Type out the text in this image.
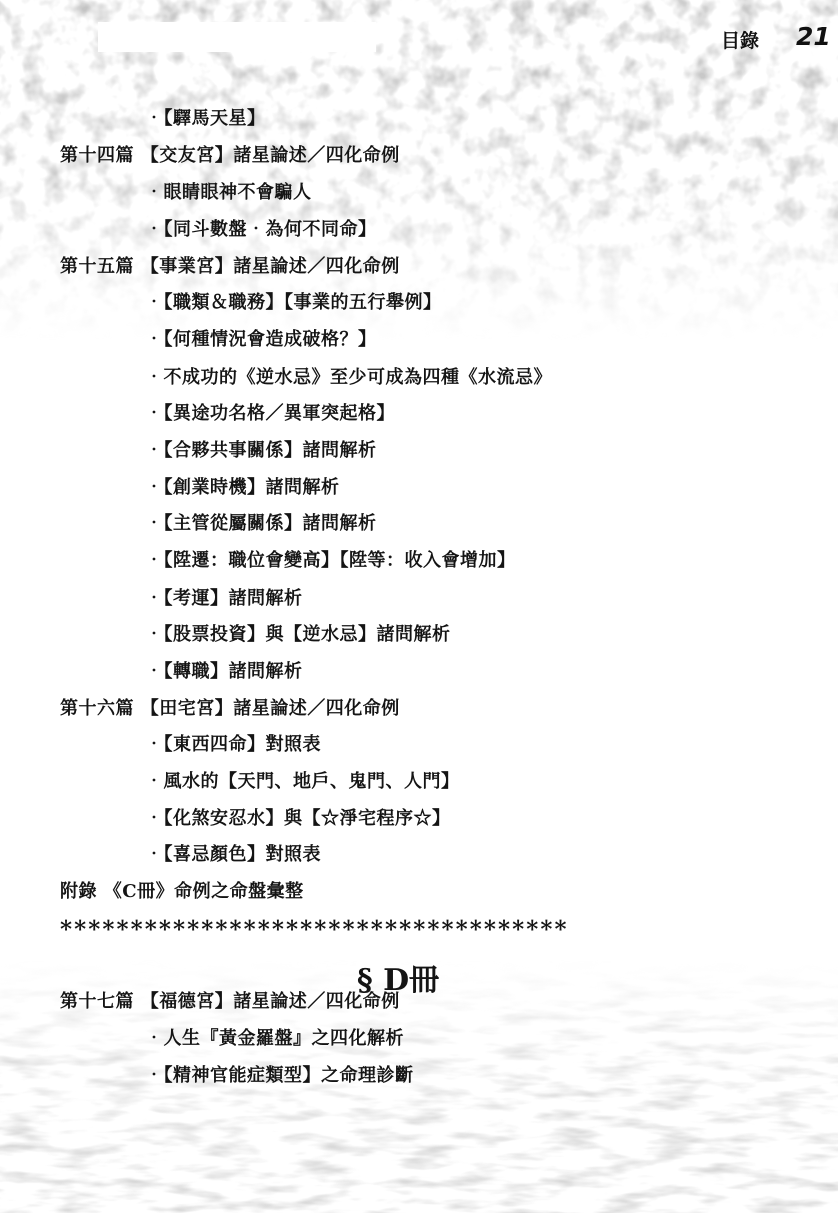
目錄 21
‧【驛馬天星】
第十四篇 【交友宮】諸星論述／四化命例
‧眼睛眼神不會騙人
‧【同斗數盤‧為何不同命】
第十五篇 【事業宮】諸星論述／四化命例
‧【職類＆職務】【事業的五行舉例】
‧【何種情況會造成破格？】
‧不成功的《逆水忌》至少可成為四種《水流忌》
‧【異途功名格／異軍突起格】
‧【合夥共事關係】諸問解析
‧【創業時機】諸問解析
‧【主管從屬關係】諸問解析
‧【陞遷：職位會變高】【陞等：收入會增加】
‧【考運】諸問解析
‧【股票投資】與【逆水忌】諸問解析
‧【轉職】諸問解析
第十六篇 【田宅宮】諸星論述／四化命例
‧【東西四命】對照表
‧風水的【天門、地戶、鬼門、人門】
‧【化煞安忍水】與【☆淨宅程序☆】
‧【喜忌顏色】對照表
附錄 《C冊》命例之命盤彙整
************************************
§ D冊
第十七篇 【福德宮】諸星論述／四化命例
‧人生『黃金羅盤』之四化解析
‧【精神官能症類型】之命理診斷
